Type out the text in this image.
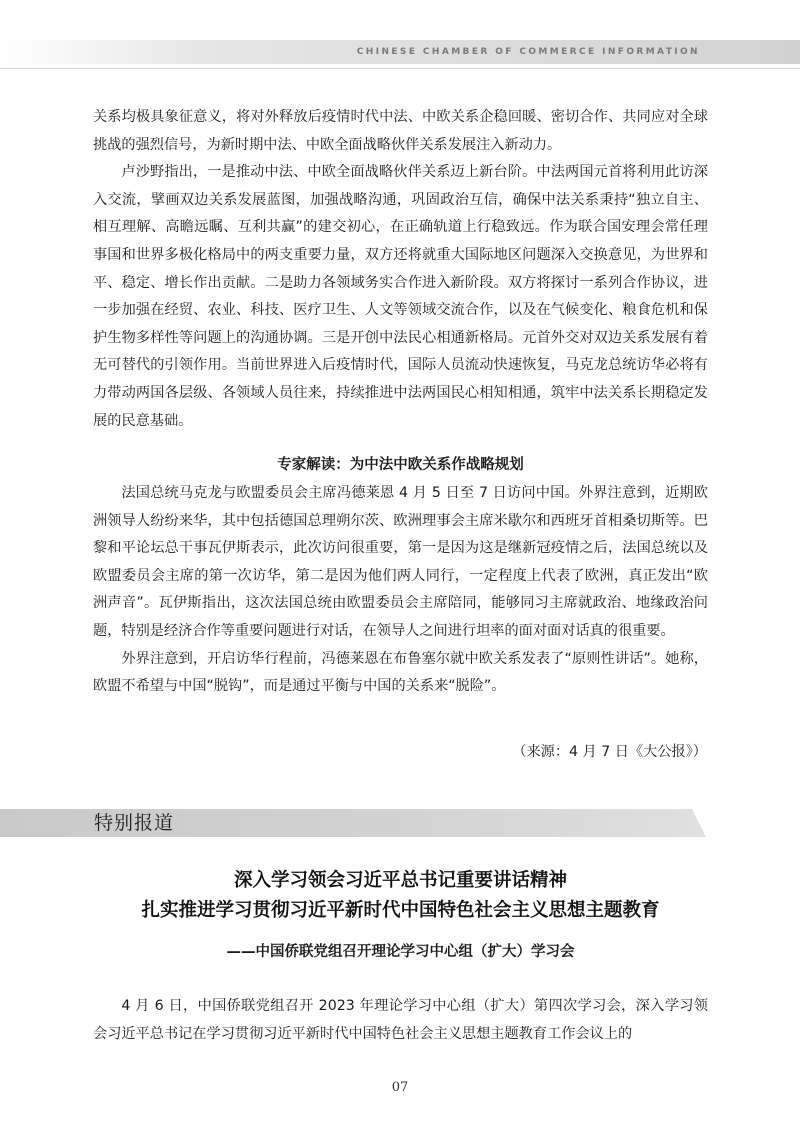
CHINESE CHAMBER OF COMMERCE INFORMATION

关系均极具象征意义，将对外释放后疫情时代中法、中欧关系企稳回暖、密切合作、共同应对全球挑战的强烈信号，为新时期中法、中欧全面战略伙伴关系发展注入新动力。

卢沙野指出，一是推动中法、中欧全面战略伙伴关系迈上新台阶。中法两国元首将利用此访深入交流，擘画双边关系发展蓝图，加强战略沟通，巩固政治互信，确保中法关系秉持“独立自主、相互理解、高瞻远瞩、互利共赢”的建交初心，在正确轨道上行稳致远。作为联合国安理会常任理事国和世界多极化格局中的两支重要力量，双方还将就重大国际地区问题深入交换意见，为世界和平、稳定、增长作出贡献。二是助力各领域务实合作进入新阶段。双方将探讨一系列合作协议，进一步加强在经贸、农业、科技、医疗卫生、人文等领域交流合作，以及在气候变化、粮食危机和保护生物多样性等问题上的沟通协调。三是开创中法民心相通新格局。元首外交对双边关系发展有着无可替代的引领作用。当前世界进入后疫情时代，国际人员流动快速恢复，马克龙总统访华必将有力带动两国各层级、各领域人员往来，持续推进中法两国民心相知相通，筑牢中法关系长期稳定发展的民意基础。

专家解读：为中法中欧关系作战略规划

法国总统马克龙与欧盟委员会主席冯德莱恩 4 月 5 日至 7 日访问中国。外界注意到，近期欧洲领导人纷纷来华，其中包括德国总理朔尔茨、欧洲理事会主席米歇尔和西班牙首相桑切斯等。巴黎和平论坛总干事瓦伊斯表示，此次访问很重要，第一是因为这是继新冠疫情之后，法国总统以及欧盟委员会主席的第一次访华，第二是因为他们两人同行，一定程度上代表了欧洲，真正发出“欧洲声音”。瓦伊斯指出，这次法国总统由欧盟委员会主席陪同，能够同习主席就政治、地缘政治问题，特别是经济合作等重要问题进行对话，在领导人之间进行坦率的面对面对话真的很重要。

外界注意到，开启访华行程前，冯德莱恩在布鲁塞尔就中欧关系发表了“原则性讲话”。她称，欧盟不希望与中国“脱钩”，而是通过平衡与中国的关系来“脱险”。

（来源：4 月 7 日《大公报》）
特别报道
深入学习领会习近平总书记重要讲话精神
扎实推进学习贯彻习近平新时代中国特色社会主义思想主题教育
——中国侨联党组召开理论学习中心组（扩大）学习会

4 月 6 日，中国侨联党组召开 2023 年理论学习中心组（扩大）第四次学习会，深入学习领会习近平总书记在学习贯彻习近平新时代中国特色社会主义思想主题教育工作会议上的

07
